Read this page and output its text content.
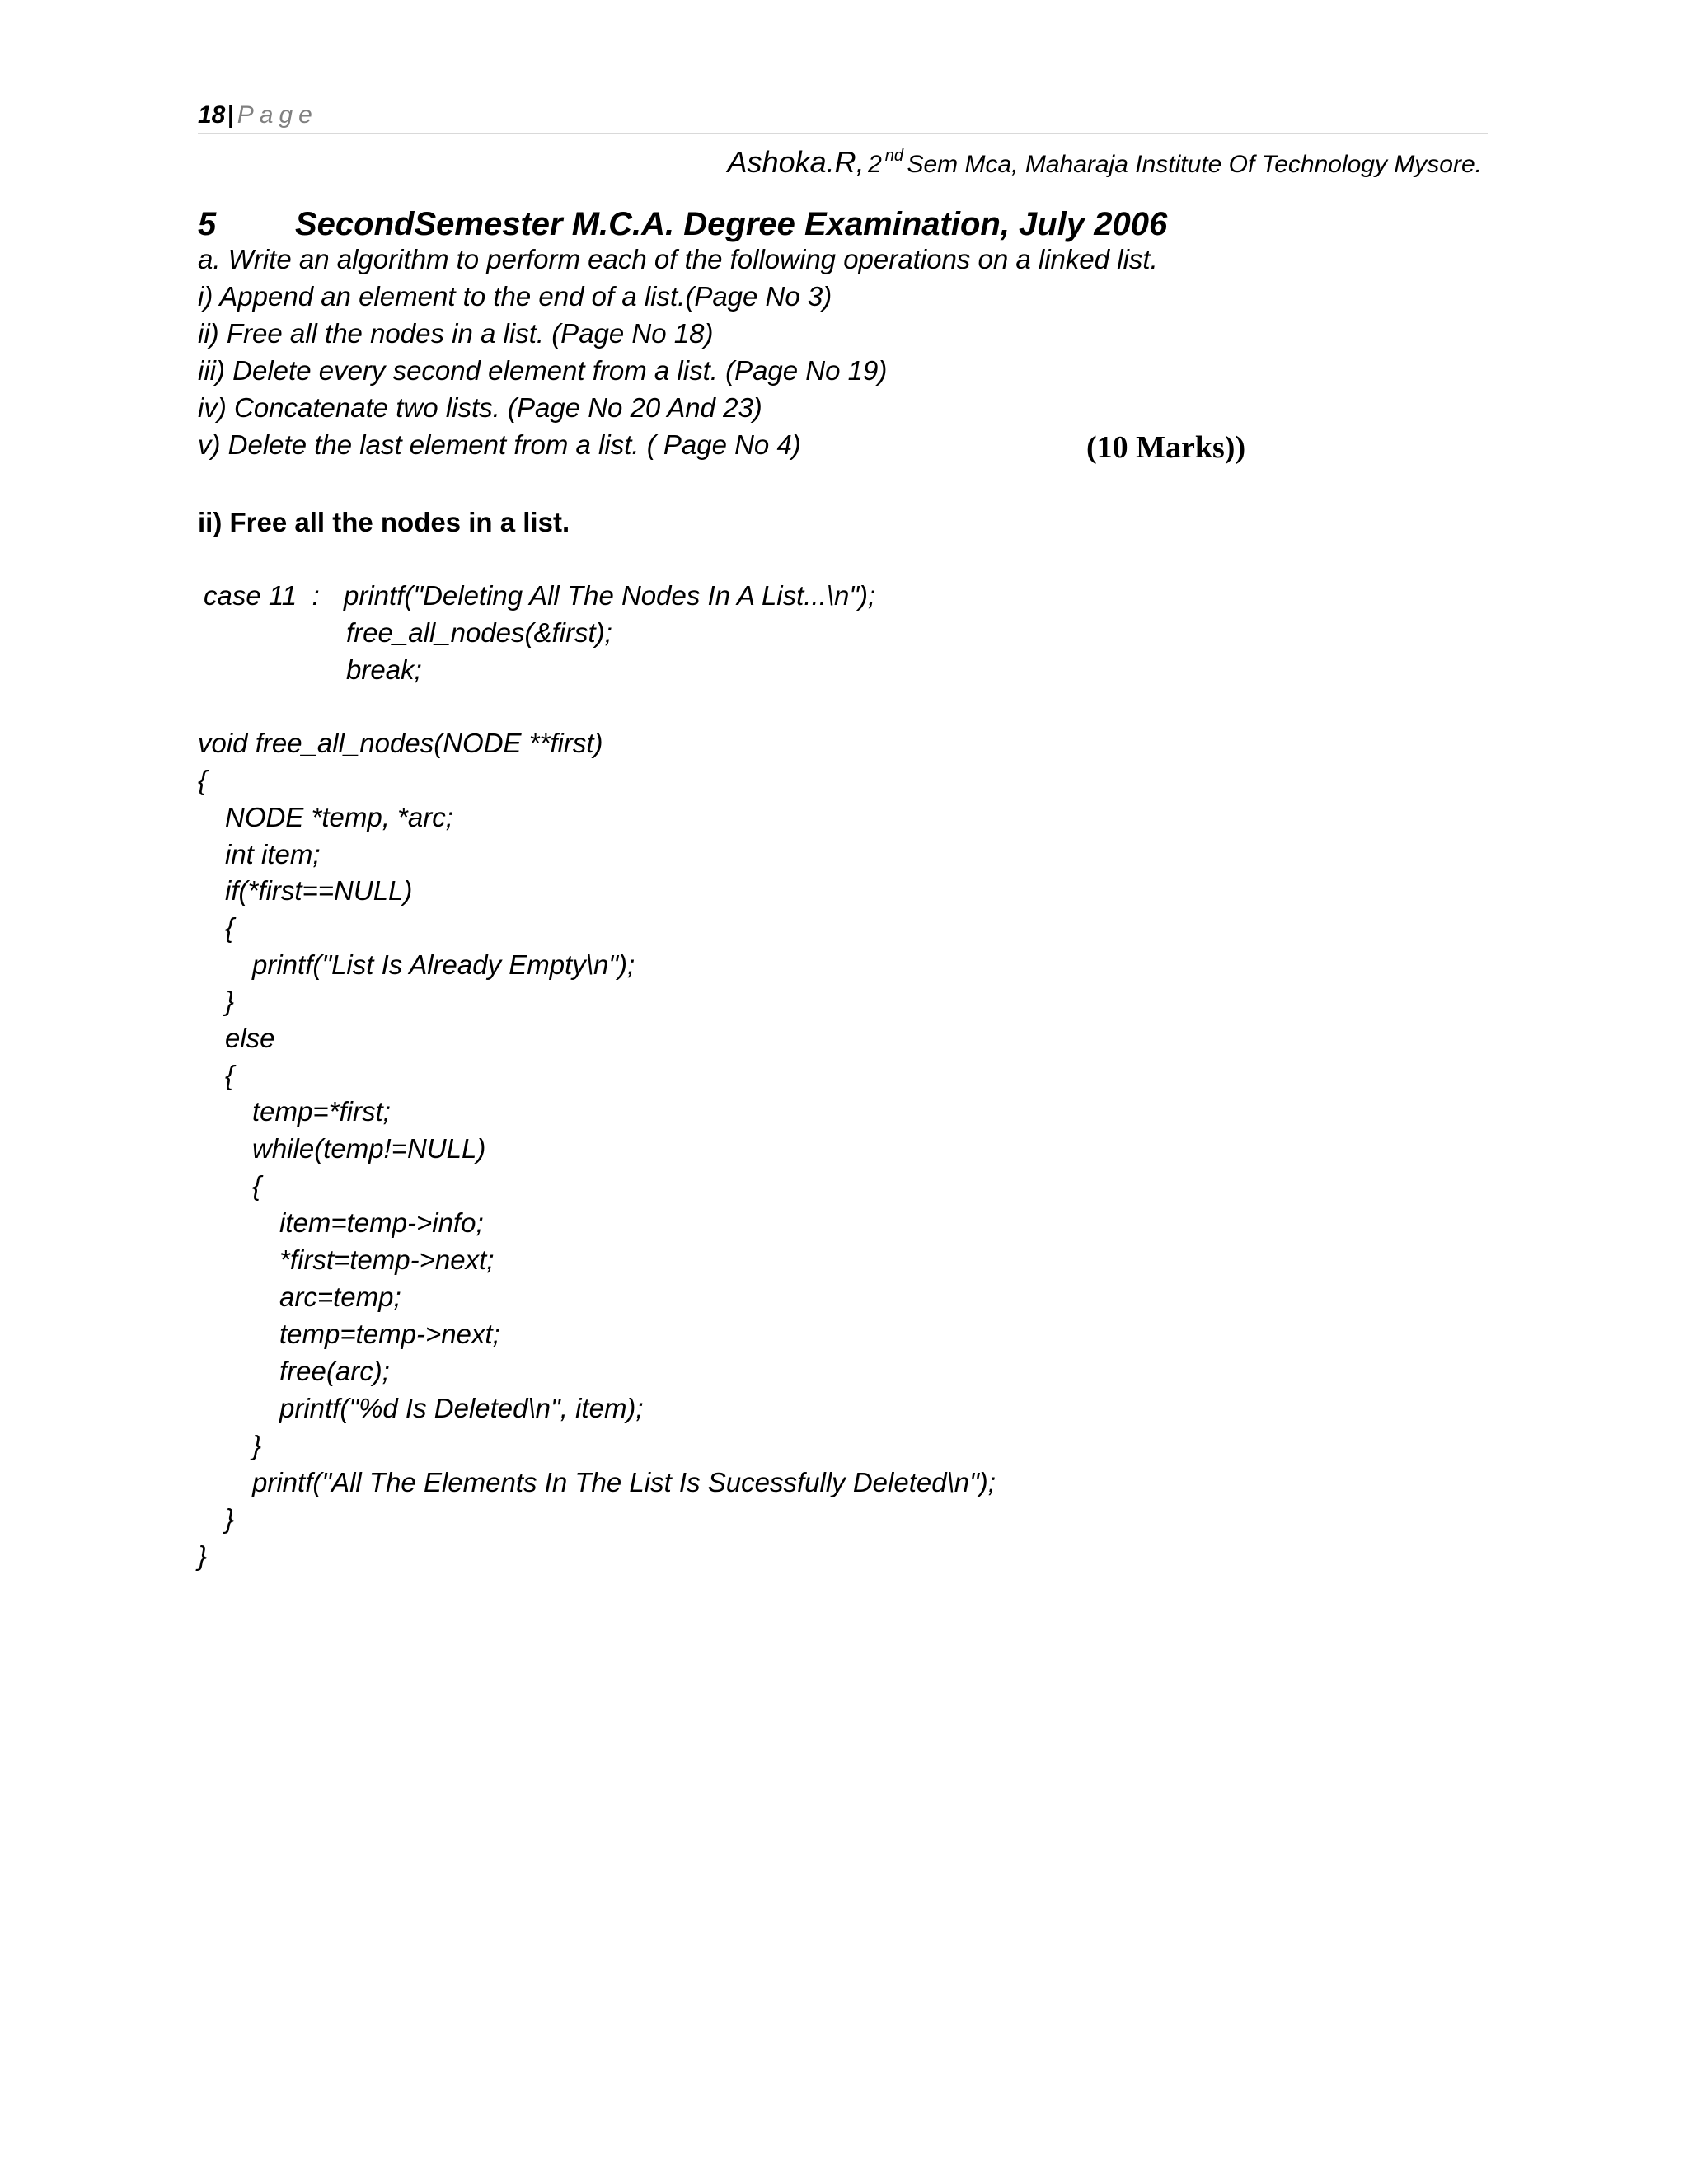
18| Page
Ashoka.R, 2 nd Sem Mca, Maharaja Institute Of Technology Mysore.
5 SecondSemester M.C.A. Degree Examination, July 2006
a. Write an algorithm to perform each of the following operations on a linked list.
i) Append an element to the end of a list.(Page No 3)
ii) Free all the nodes in a list. (Page No 18)
iii) Delete every second element from a list. (Page No 19)
iv) Concatenate two lists. (Page No 20 And 23)
v) Delete the last element from a list. ( Page No 4)	(10 Marks))
ii) Free all the nodes in a list.
case 11  : printf("Deleting All The Nodes In A List...\n");
free_all_nodes(&first);
break;
void free_all_nodes(NODE **first)
{
NODE *temp, *arc;
int item;
if(*first==NULL)
{
printf("List Is Already Empty\n");
}
else
{
temp=*first;
while(temp!=NULL)
{
item=temp->info;
*first=temp->next;
arc=temp;
temp=temp->next;
free(arc);
printf("%d Is Deleted\n", item);
}
printf("All The Elements In The List Is Sucessfully Deleted\n");
}
}
